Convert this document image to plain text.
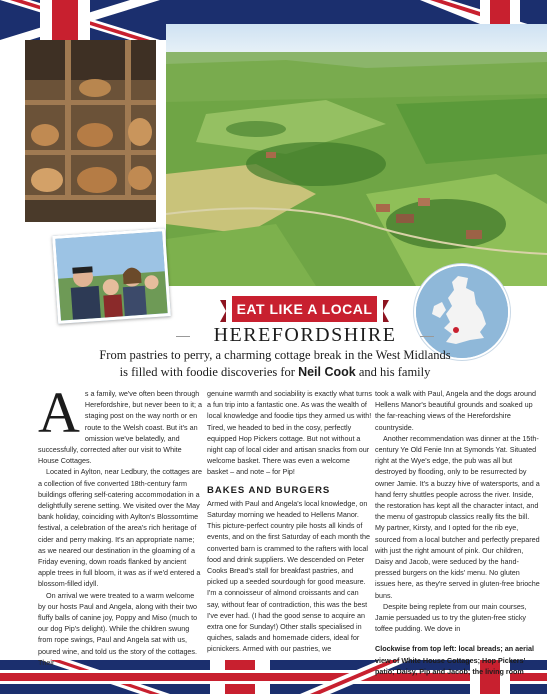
EAT LIKE A LOCAL
HEREFORDSHIRE
From pastries to perry, a charming cottage break in the West Midlands
is filled with foodie discoveries for Neil Cook and his family
A s a family, we've often been through Herefordshire, but never been to it; a staging post on the way north or en route to the Welsh coast. But it's an omission we've belatedly, and successfully, corrected after our visit to White House Cottages.

Located in Aylton, near Ledbury, the cottages are a collection of five converted 18th-century farm buildings offering self-catering accommodation in a delightfully serene setting. We visited over the May bank holiday, coinciding with Aylton's Blossomtime festival, a celebration of the area's rich heritage of cider and perry making. It's an appropriate name; as we neared our destination in the gloaming of a Friday evening, down roads flanked by ancient apple trees in full bloom, it was as if we'd entered a blossom-filled idyll.

On arrival we were treated to a warm welcome by our hosts Paul and Angela, along with their two fluffy balls of canine joy, Poppy and Miso (much to our dog Pip's delight). While the children swung from rope swings, Paul and Angela sat with us, poured wine, and told us the story of the cottages. Their

genuine warmth and sociability is exactly what turns a fun trip into a fantastic one. As was the wealth of local knowledge and foodie tips they armed us with! Tired, we headed to bed in the cosy, perfectly equipped Hop Pickers cottage. But not without a night cap of local cider and artisan snacks from our welcome basket. There was even a welcome basket – and note – for Pip!

BAKES AND BURGERS

Armed with Paul and Angela's local knowledge, on Saturday morning we headed to Hellens Manor. This picture-perfect country pile hosts all kinds of events, and on the first Saturday of each month the converted barn is crammed to the rafters with local food and drink suppliers. We descended on Peter Cooks Bread's stall for breakfast pastries, and picked up a seeded sourdough for good measure. I'm a connoisseur of almond croissants and can say, without fear of contradiction, this was the best I've ever had. (I had the good sense to acquire an extra one for Sunday!) Other stalls specialised in quiches, salads and homemade ciders, ideal for picnickers. Armed with our pastries, we

took a walk with Paul, Angela and the dogs around Hellens Manor's beautiful grounds and soaked up the far-reaching views of the Herefordshire countryside.

Another recommendation was dinner at the 15th-century Ye Old Fenie Inn at Symonds Yat. Situated right at the Wye's edge, the pub was all but destroyed by flooding, only to be resurrected by owner Jamie. It's a buzzy hive of watersports, and a hand ferry shuttles people across the river. Inside, the restoration has kept all the character intact, and the menu of gastropub classics really fits the bill. My partner, Kirsty, and I opted for the rib eye, sourced from a local butcher and perfectly prepared with just the right amount of pink. Our children, Daisy and Jacob, were seduced by the hand-pressed burgers on the kids' menu. No gluten issues here, as they're served in gluten-free brioche buns.

Despite being replete from our main courses, Jamie persuaded us to try the gluten-free sticky toffee pudding. We dove in

Clockwise from top left: local breads; an aerial view of White House Cottages; Hop Pickers' patio; Daisy, Pip and Jacob; the living room
